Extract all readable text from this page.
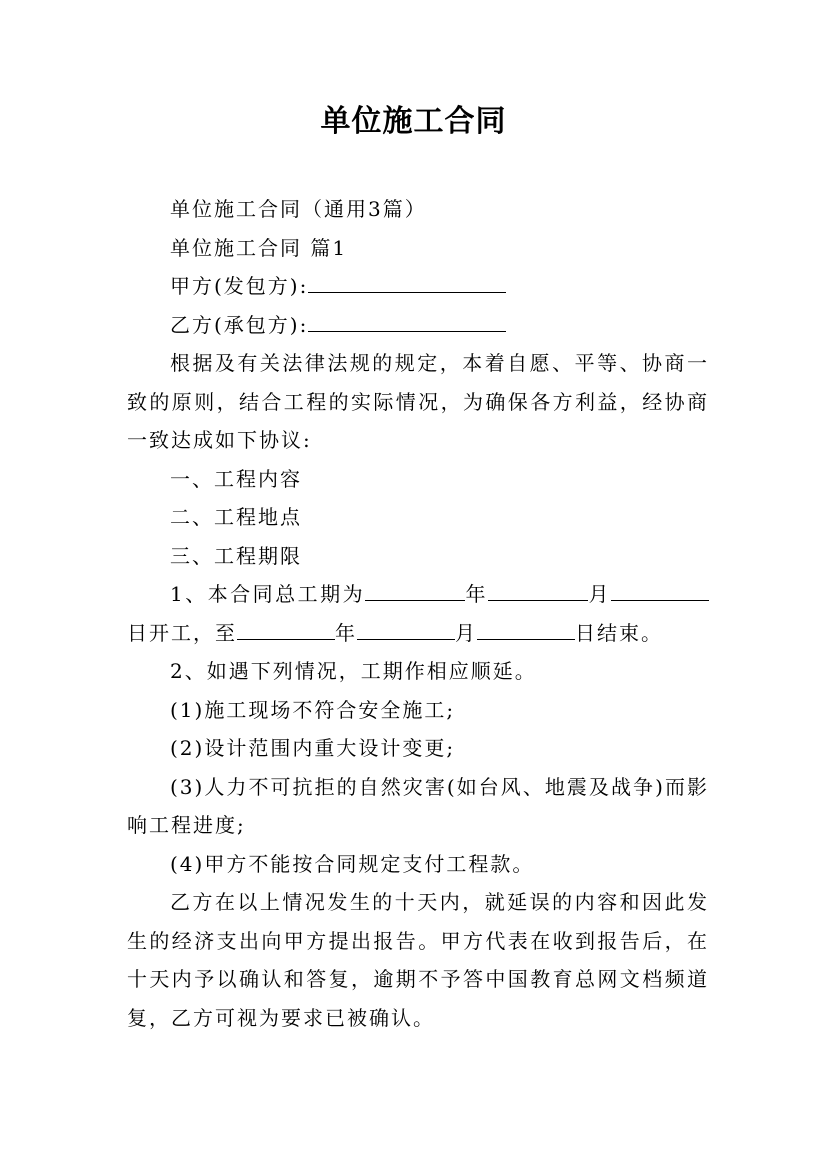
单位施工合同

单位施工合同（通用3篇）

单位施工合同 篇1

甲方(发包方):

乙方(承包方):

根据及有关法律法规的规定，本着自愿、平等、协商一致的原则，结合工程的实际情况，为确保各方利益，经协商一致达成如下协议:

一、工程内容

二、工程地点

三、工程期限

1、本合同总工期为	年	月日开工，至	年	月	日结束。

2、如遇下列情况，工期作相应顺延。

(1)施工现场不符合安全施工;

(2)设计范围内重大设计变更;

(3)人力不可抗拒的自然灾害(如台风、地震及战争)而影响工程进度;

(4)甲方不能按合同规定支付工程款。

乙方在以上情况发生的十天内，就延误的内容和因此发生的经济支出向甲方提出报告。甲方代表在收到报告后，在十天内予以确认和答复，逾期不予答中国教育总网文档频道复，乙方可视为要求已被确认。
